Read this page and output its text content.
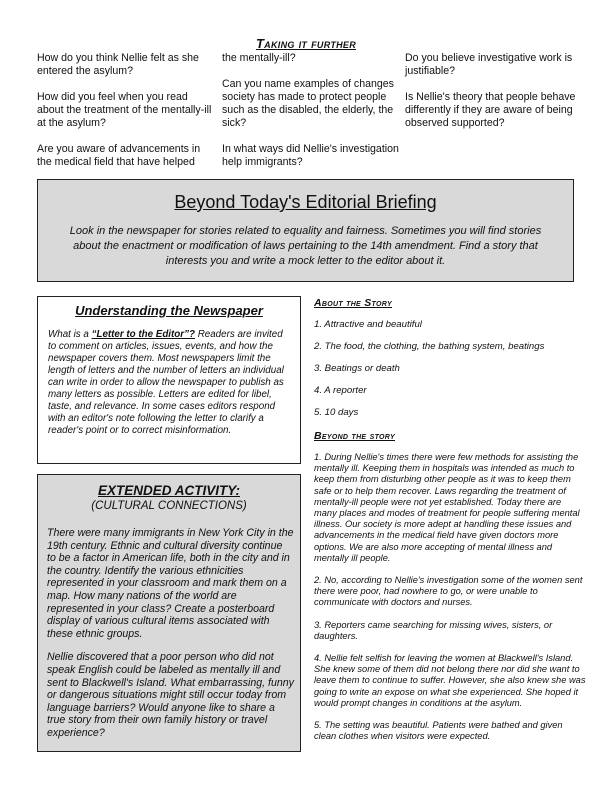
Taking it further

How do you think Nellie felt as she entered the asylum?

How did you feel when you read about the treatment of the mentally-ill at the asylum?

Are you aware of advancements in the medical field that have helped

the mentally-ill?

Can you name examples of changes society has made to protect people such as the disabled, the elderly, the sick?

In what ways did Nellie's investigation help immigrants?

Do you believe investigative work is justifiable?

Is Nellie's theory that people behave differently if they are aware of being observed supported?

Beyond Today's Editorial Briefing
Look in the newspaper for stories related to equality and fairness. Sometimes you will find stories about the enactment or modification of laws pertaining to the 14th amendment. Find a story that interests you and write a mock letter to the editor about it.
Understanding the Newspaper

What is a “Letter to the Editor”? Readers are invited to comment on articles, issues, events, and how the newspaper covers them. Most newspapers limit the length of letters and the number of letters an individual can write in order to allow the newspaper to publish as many letters as possible. Letters are edited for libel, taste, and relevance. In some cases editors respond with an editor's note following the letter to clarify a reader's point or to correct misinformation.

EXTENDED ACTIVITY:
(CULTURAL CONNECTIONS)

There were many immigrants in New York City in the 19th century. Ethnic and cultural diversity continue to be a factor in American life, both in the city and in the country. Identify the various ethnicities represented in your classroom and mark them on a map. How many nations of the world are represented in your class? Create a posterboard display of various cultural items associated with these ethnic groups.

Nellie discovered that a poor person who did not speak English could be labeled as mentally ill and sent to Blackwell's Island. What embarrassing, funny or dangerous situations might still occur today from language barriers? Would anyone like to share a true story from their own family history or travel experience?

About the Story
1. Attractive and beautiful
2. The food, the clothing, the bathing system, beatings
3. Beatings or death
4. A reporter
5. 10 days
Beyond the story

1. During Nellie's times there were few methods for assisting the mentally ill. Keeping them in hospitals was intended as much to keep them from disturbing other people as it was to keep them safe or to help them recover. Laws regarding the treatment of mentally-ill people were not yet established. Today there are many places and modes of treatment for people suffering mental illness. Our society is more adept at handling these issues and advancements in the medical field have given doctors more options. We are also more accepting of mental illness and mentally ill people.

2. No, according to Nellie's investigation some of the women sent there were poor, had nowhere to go, or were unable to communicate with doctors and nurses.

3. Reporters came searching for missing wives, sisters, or daughters.

4. Nellie felt selfish for leaving the women at Blackwell's Island. She knew some of them did not belong there nor did she want to leave them to continue to suffer. However, she also knew she was going to write an expose on what she experienced. She hoped it would prompt changes in conditions at the asylum.

5. The setting was beautiful. Patients were bathed and given clean clothes when visitors were expected.
